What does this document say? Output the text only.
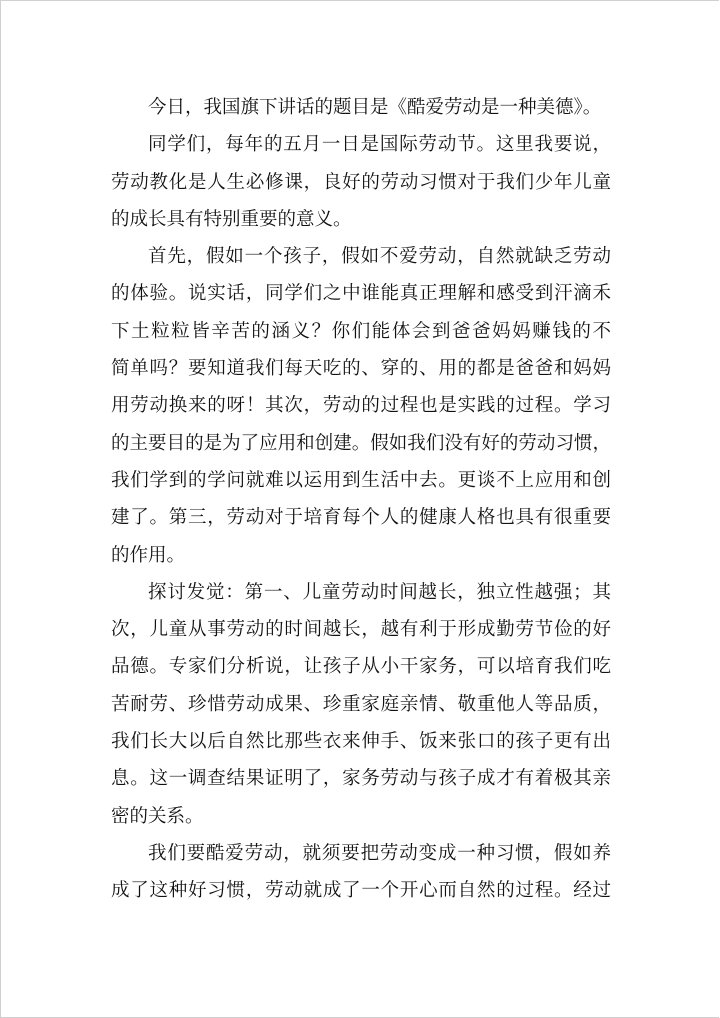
今日，我国旗下讲话的题目是《酷爱劳动是一种美德》。
同学们，每年的五月一日是国际劳动节。这里我要说，
劳动教化是人生必修课，良好的劳动习惯对于我们少年儿童
的成长具有特别重要的意义。
首先，假如一个孩子，假如不爱劳动，自然就缺乏劳动
的体验。说实话，同学们之中谁能真正理解和感受到汗滴禾
下土粒粒皆辛苦的涵义？你们能体会到爸爸妈妈赚钱的不
简单吗？要知道我们每天吃的、穿的、用的都是爸爸和妈妈
用劳动换来的呀！其次，劳动的过程也是实践的过程。学习
的主要目的是为了应用和创建。假如我们没有好的劳动习惯，
我们学到的学问就难以运用到生活中去。更谈不上应用和创
建了。第三，劳动对于培育每个人的健康人格也具有很重要
的作用。
探讨发觉：第一、儿童劳动时间越长，独立性越强；其
次，儿童从事劳动的时间越长，越有利于形成勤劳节俭的好
品德。专家们分析说，让孩子从小干家务，可以培育我们吃
苦耐劳、珍惜劳动成果、珍重家庭亲情、敬重他人等品质，
我们长大以后自然比那些衣来伸手、饭来张口的孩子更有出
息。这一调查结果证明了，家务劳动与孩子成才有着极其亲
密的关系。
我们要酷爱劳动，就须要把劳动变成一种习惯，假如养
成了这种好习惯，劳动就成了一个开心而自然的过程。经过
